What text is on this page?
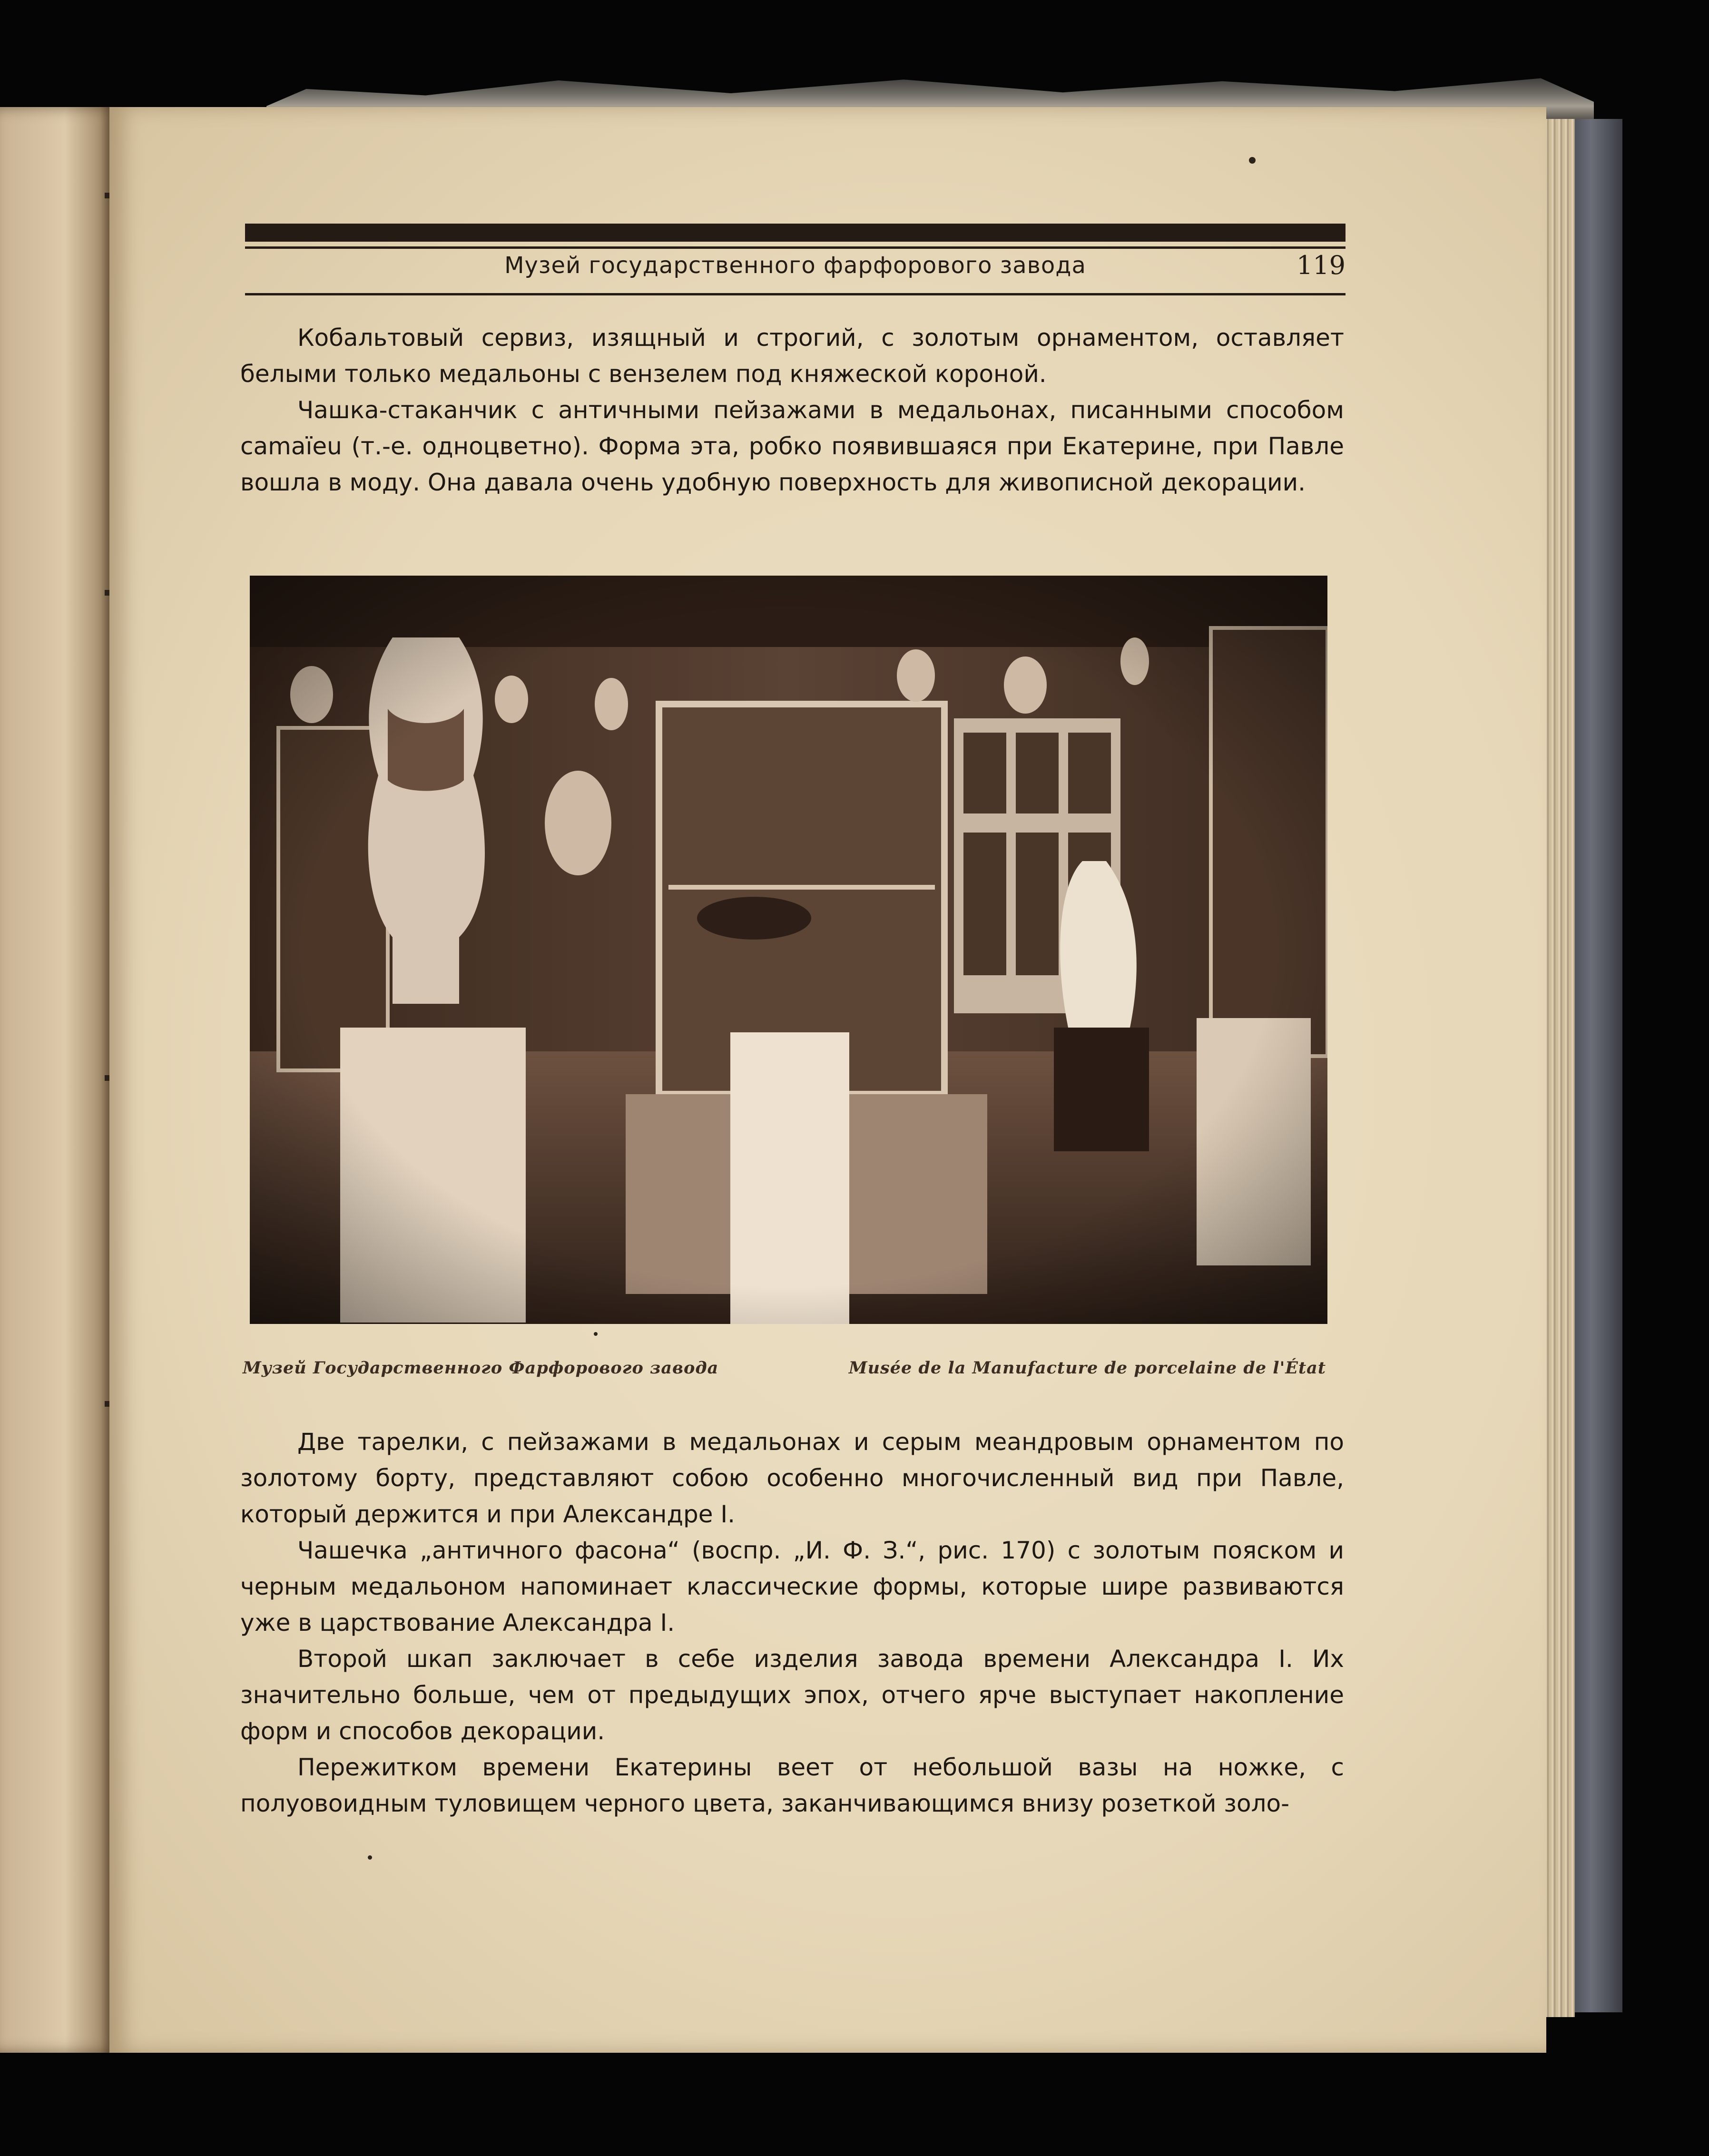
Музей государственного фарфорового завода	119

Кобальтовый сервиз, изящный и строгий, с золотым орнаментом, оставляет белыми только медальоны с вензелем под княжеской короной.

Чашка-стаканчик с античными пейзажами в медальонах, писанными способом camaïeu (т.-е. одноцветно). Форма эта, робко появившаяся при Екатерине, при Павле вошла в моду. Она давала очень удобную поверхность для живописной декорации.

Музей Государственного Фарфорового завода	Musée de la Manufacture de porcelaine de l'État

Две тарелки, с пейзажами в медальонах и серым меандровым орнаментом по золотому борту, представляют собою особенно многочисленный вид при Павле, который держится и при Александре I.

Чашечка „античного фасона“ (воспр. „И. Ф. З.“, рис. 170) с золотым пояском и черным медальоном напоминает классические формы, которые шире развиваются уже в царствование Александра I.

Второй шкап заключает в себе изделия завода времени Александра I. Их значительно больше, чем от предыдущих эпох, отчего ярче выступает накопление форм и способов декорации.

Пережитком времени Екатерины веет от небольшой вазы на ножке, с полуовоидным туловищем черного цвета, заканчивающимся внизу розеткой золо-
